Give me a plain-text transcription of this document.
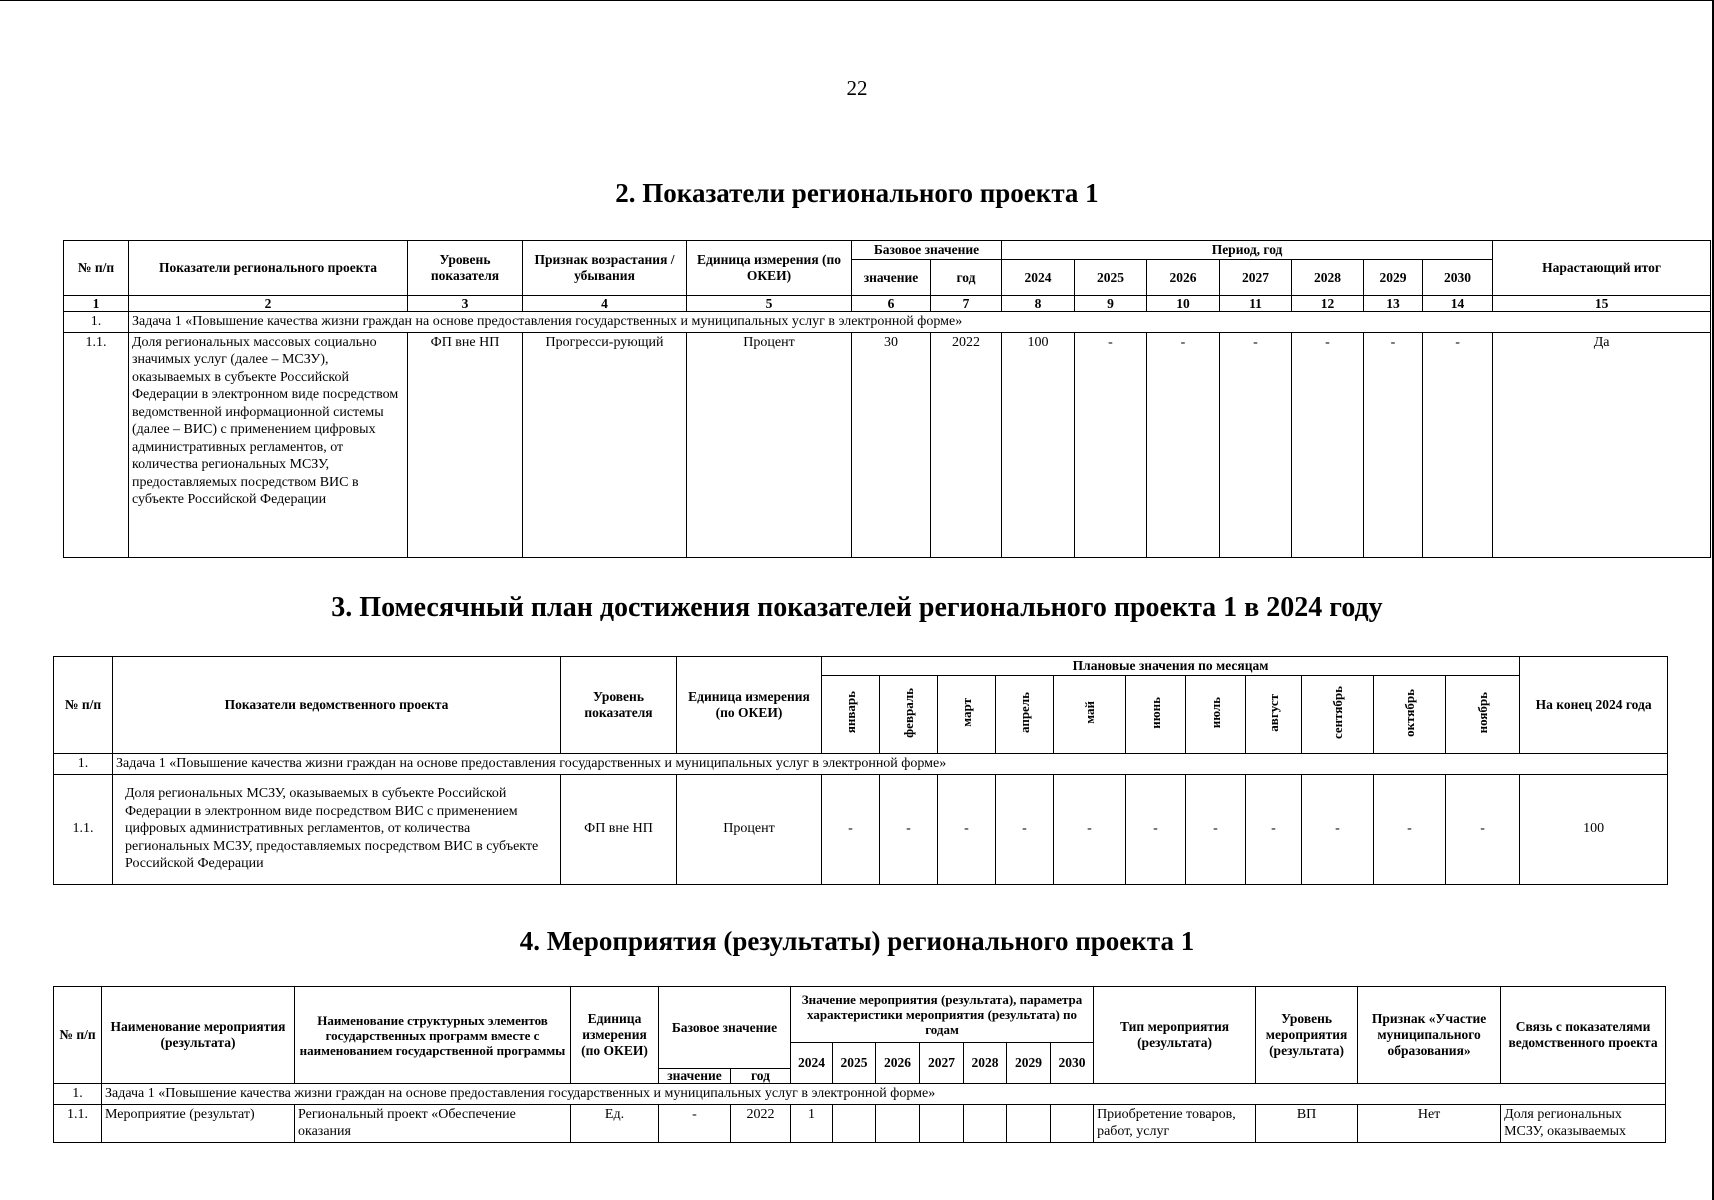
22
2. Показатели регионального проекта 1
№ п/п	Показатели регионального проекта	Уровень показателя	Признак возрастания / убывания	Единица измерения (по ОКЕИ)	Базовое значение		Период, год							Нарастающий итог
					значение	год	2024	2025	2026	2027	2028	2029	2030	
1	2	3	4	5	6	7	8	9	10	11	12	13	14	15
1.	Задача 1 «Повышение качества жизни граждан на основе предоставления государственных и муниципальных услуг в электронной форме»													
1.1.	Доля региональных массовых социально значимых услуг (далее – МСЗУ), оказываемых в субъекте Российской Федерации в электронном виде посредством ведомственной информационной системы (далее – ВИС) с применением цифровых административных регламентов, от количества региональных МСЗУ, предоставляемых посредством ВИС в субъекте Российской Федерации	ФП вне НП	Прогресси-рующий	Процент	30	2022	100	-	-	-	-	-	-	Да
3. Помесячный план достижения показателей регионального проекта 1 в 2024 году
№ п/п	Показатели ведомственного проекта	Уровень показателя	Единица измерения (по ОКЕИ)	Плановые значения по месяцам											На конец 2024 года
				январь	февраль	март	апрель	май	июнь	июль	август	сентябрь	октябрь	ноябрь	
1.	Задача 1 «Повышение качества жизни граждан на основе предоставления государственных и муниципальных услуг в электронной форме»														
1.1.	Доля региональных МСЗУ, оказываемых в субъекте Российской Федерации в электронном виде посредством ВИС с применением цифровых административных регламентов, от количества региональных МСЗУ, предоставляемых посредством ВИС в субъекте Российской Федерации	ФП вне НП	Процент	-	-	-	-	-	-	-	-	-	-	-	100
4. Мероприятия (результаты) регионального проекта 1
№ п/п	Наименование мероприятия (результата)	Наименование структурных элементов государственных программ вместе с наименованием государственной программы	Единица измерения (по ОКЕИ)	Базовое значение		Значение мероприятия (результата), параметра характеристики мероприятия (результата) по годам							Тип мероприятия (результата)	Уровень мероприятия (результата)	Признак «Участие муниципального образования»	Связь с показателями ведомственного проекта
						2024	2025	2026	2027	2028	2029	2030				
				значение	год											
1.	Задача 1 «Повышение качества жизни граждан на основе предоставления государственных и муниципальных услуг в электронной форме»															
1.1.	Мероприятие (результат)	Региональный проект «Обеспечение оказания	Ед.	-	2022	1							Приобретение товаров, работ, услуг	ВП	Нет	Доля региональных МСЗУ, оказываемых
